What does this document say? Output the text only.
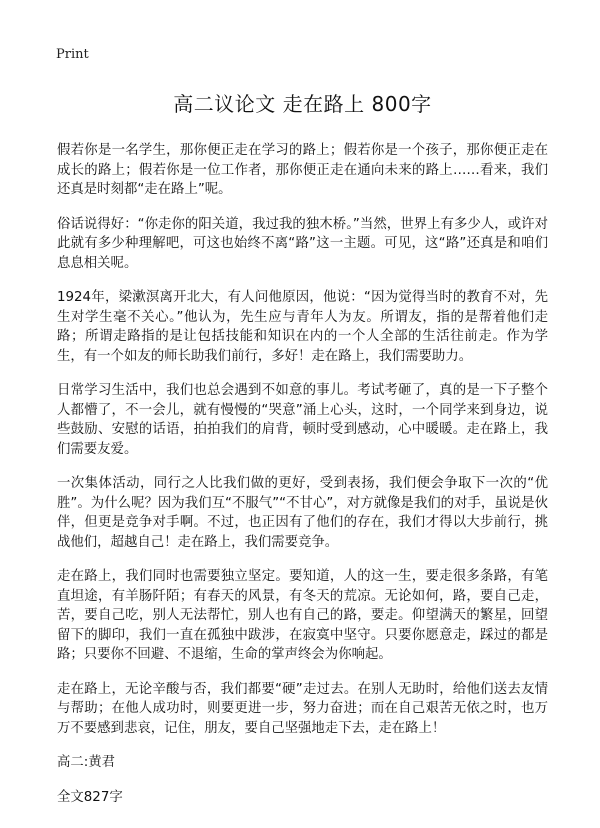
Print
高二议论文 走在路上 800字

假若你是一名学生，那你便正走在学习的路上；假若你是一个孩子，那你便正走在成长的路上；假若你是一位工作者，那你便正走在通向未来的路上……看来，我们还真是时刻都“走在路上”呢。

俗话说得好：“你走你的阳关道，我过我的独木桥。”当然，世界上有多少人，或许对此就有多少种理解吧，可这也始终不离“路”这一主题。可见，这“路”还真是和咱们息息相关呢。

1924年，梁漱溟离开北大，有人问他原因，他说：“因为觉得当时的教育不对，先生对学生毫不关心。”他认为，先生应与青年人为友。所谓友，指的是帮着他们走路；所谓走路指的是让包括技能和知识在内的一个人全部的生活往前走。作为学生，有一个如友的师长助我们前行，多好！走在路上，我们需要助力。

日常学习生活中，我们也总会遇到不如意的事儿。考试考砸了，真的是一下子整个人都懵了，不一会儿，就有慢慢的“哭意”涌上心头，这时，一个同学来到身边，说些鼓励、安慰的话语，拍拍我们的肩背，顿时受到感动，心中暖暖。走在路上，我们需要友爱。

一次集体活动，同行之人比我们做的更好，受到表扬，我们便会争取下一次的“优胜”。为什么呢？因为我们互“不服气”“不甘心”，对方就像是我们的对手，虽说是伙伴，但更是竞争对手啊。不过，也正因有了他们的存在，我们才得以大步前行，挑战他们，超越自己！走在路上，我们需要竞争。

走在路上，我们同时也需要独立坚定。要知道，人的这一生，要走很多条路，有笔直坦途，有羊肠阡陌；有春天的风景，有冬天的荒凉。无论如何，路，要自己走，苦，要自己吃，别人无法帮忙，别人也有自己的路，要走。仰望满天的繁星，回望留下的脚印，我们一直在孤独中跋涉，在寂寞中坚守。只要你愿意走，踩过的都是路；只要你不回避、不退缩，生命的掌声终会为你响起。

走在路上，无论辛酸与否，我们都要“硬”走过去。在别人无助时，给他们送去友情与帮助；在他人成功时，则要更进一步，努力奋进；而在自己艰苦无依之时，也万万不要感到悲哀，记住，朋友，要自己坚强地走下去，走在路上！

高二:黄君
全文827字
